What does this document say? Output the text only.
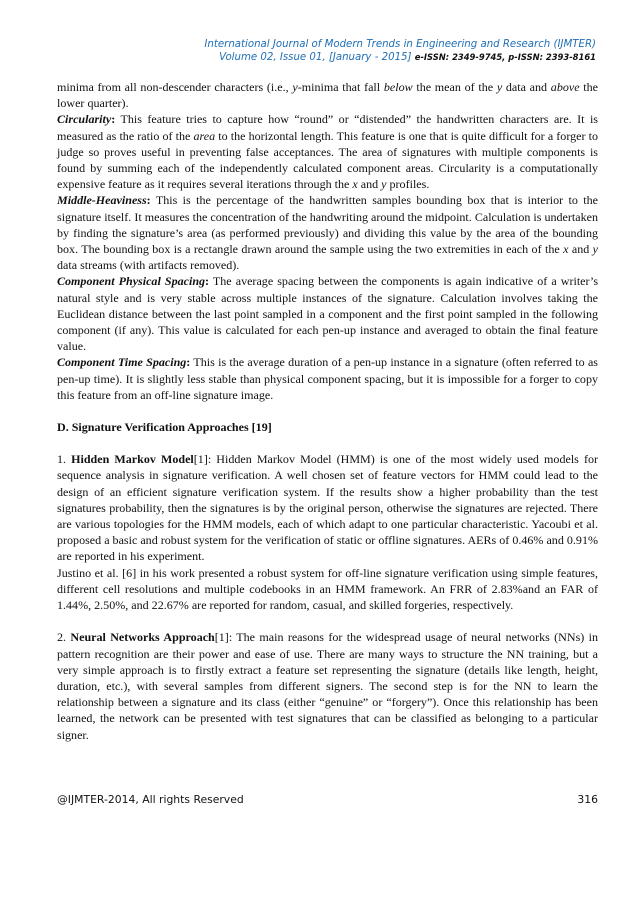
International Journal of Modern Trends in Engineering and Research (IJMTER)
Volume 02, Issue 01, [January - 2015] e-ISSN: 2349-9745, p-ISSN: 2393-8161

minima from all non-descender characters (i.e., y-minima that fall below the mean of the y data and above the lower quarter).

Circularity: This feature tries to capture how “round” or “distended” the handwritten characters are. It is measured as the ratio of the area to the horizontal length. This feature is one that is quite difficult for a forger to judge so proves useful in preventing false acceptances. The area of signatures with multiple components is found by summing each of the independently calculated component areas. Circularity is a computationally expensive feature as it requires several iterations through the x and y profiles.

Middle-Heaviness: This is the percentage of the handwritten samples bounding box that is interior to the signature itself. It measures the concentration of the handwriting around the midpoint. Calculation is undertaken by finding the signature’s area (as performed previously) and dividing this value by the area of the bounding box. The bounding box is a rectangle drawn around the sample using the two extremities in each of the x and y data streams (with artifacts removed).

Component Physical Spacing: The average spacing between the components is again indicative of a writer’s natural style and is very stable across multiple instances of the signature. Calculation involves taking the Euclidean distance between the last point sampled in a component and the first point sampled in the following component (if any). This value is calculated for each pen-up instance and averaged to obtain the final feature value.

Component Time Spacing: This is the average duration of a pen-up instance in a signature (often referred to as pen-up time). It is slightly less stable than physical component spacing, but it is impossible for a forger to copy this feature from an off-line signature image.

D. Signature Verification Approaches [19]

1. Hidden Markov Model[1]: Hidden Markov Model (HMM) is one of the most widely used models for sequence analysis in signature verification. A well chosen set of feature vectors for HMM could lead to the design of an efficient signature verification system. If the results show a higher probability than the test signatures probability, then the signatures is by the original person, otherwise the signatures are rejected. There are various topologies for the HMM models, each of which adapt to one particular characteristic. Yacoubi et al. proposed a basic and robust system for the verification of static or offline signatures. AERs of 0.46% and 0.91% are reported in his experiment.

Justino et al. [6] in his work presented a robust system for off-line signature verification using simple features, different cell resolutions and multiple codebooks in an HMM framework. An FRR of 2.83%and an FAR of 1.44%, 2.50%, and 22.67% are reported for random, casual, and skilled forgeries, respectively.

2. Neural Networks Approach[1]: The main reasons for the widespread usage of neural networks (NNs) in pattern recognition are their power and ease of use. There are many ways to structure the NN training, but a very simple approach is to firstly extract a feature set representing the signature (details like length, height, duration, etc.), with several samples from different signers. The second step is for the NN to learn the relationship between a signature and its class (either “genuine” or “forgery”). Once this relationship has been learned, the network can be presented with test signatures that can be classified as belonging to a particular signer.

@IJMTER-2014, All rights Reserved	316
